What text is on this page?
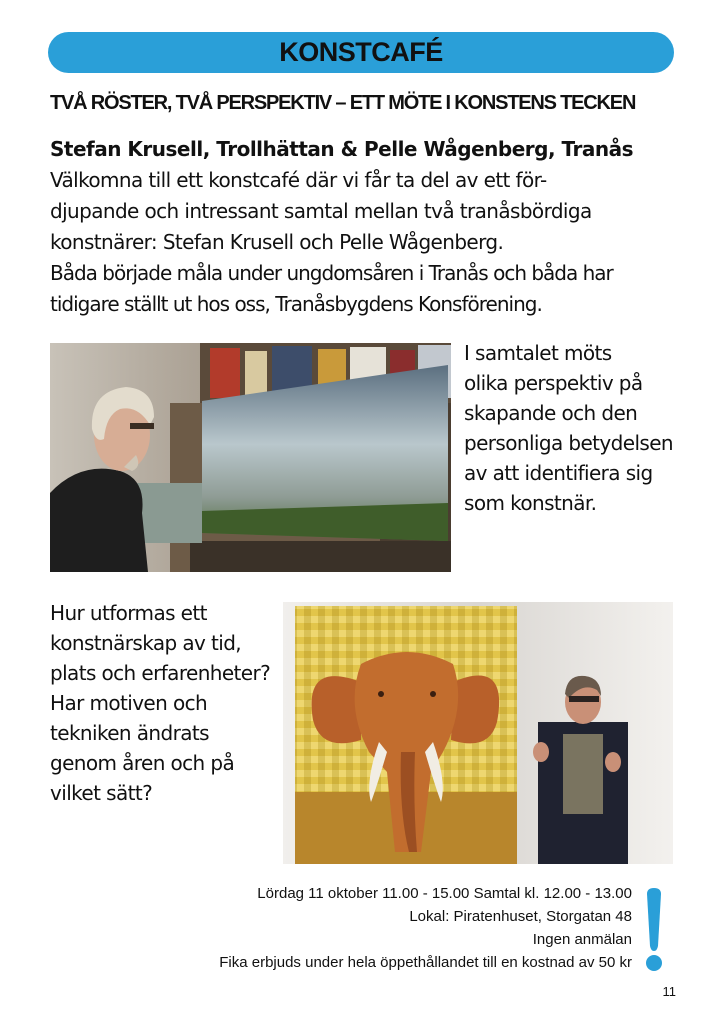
KONSTCAFÉ
TVÅ RÖSTER, TVÅ PERSPEKTIV – ETT MÖTE I KONSTENS TECKEN

Stefan Krusell, Trollhättan & Pelle Wågenberg, Tranås

Välkomna till ett konstcafé där vi får ta del av ett för-

djupande och intressant samtal mellan två tranåsbördiga

konstnärer: Stefan Krusell och Pelle Wågenberg.

Båda började måla under ungdomsåren i Tranås och båda har

tidigare ställt ut hos oss, Tranåsbygdens Konsförening.

I samtalet möts

olika perspektiv på

skapande och den

personliga betydelsen

av att identifiera sig

som konstnär.

Hur utformas ett

konstnärskap av tid,

plats och erfarenheter?

Har motiven och

tekniken ändrats

genom åren och på

vilket sätt?

Lördag 11 oktober 11.00 - 15.00 Samtal kl. 12.00 - 13.00
Lokal: Piratenhuset, Storgatan 48
Ingen anmälan
Fika erbjuds under hela öppethållandet till en kostnad av 50 kr
11
